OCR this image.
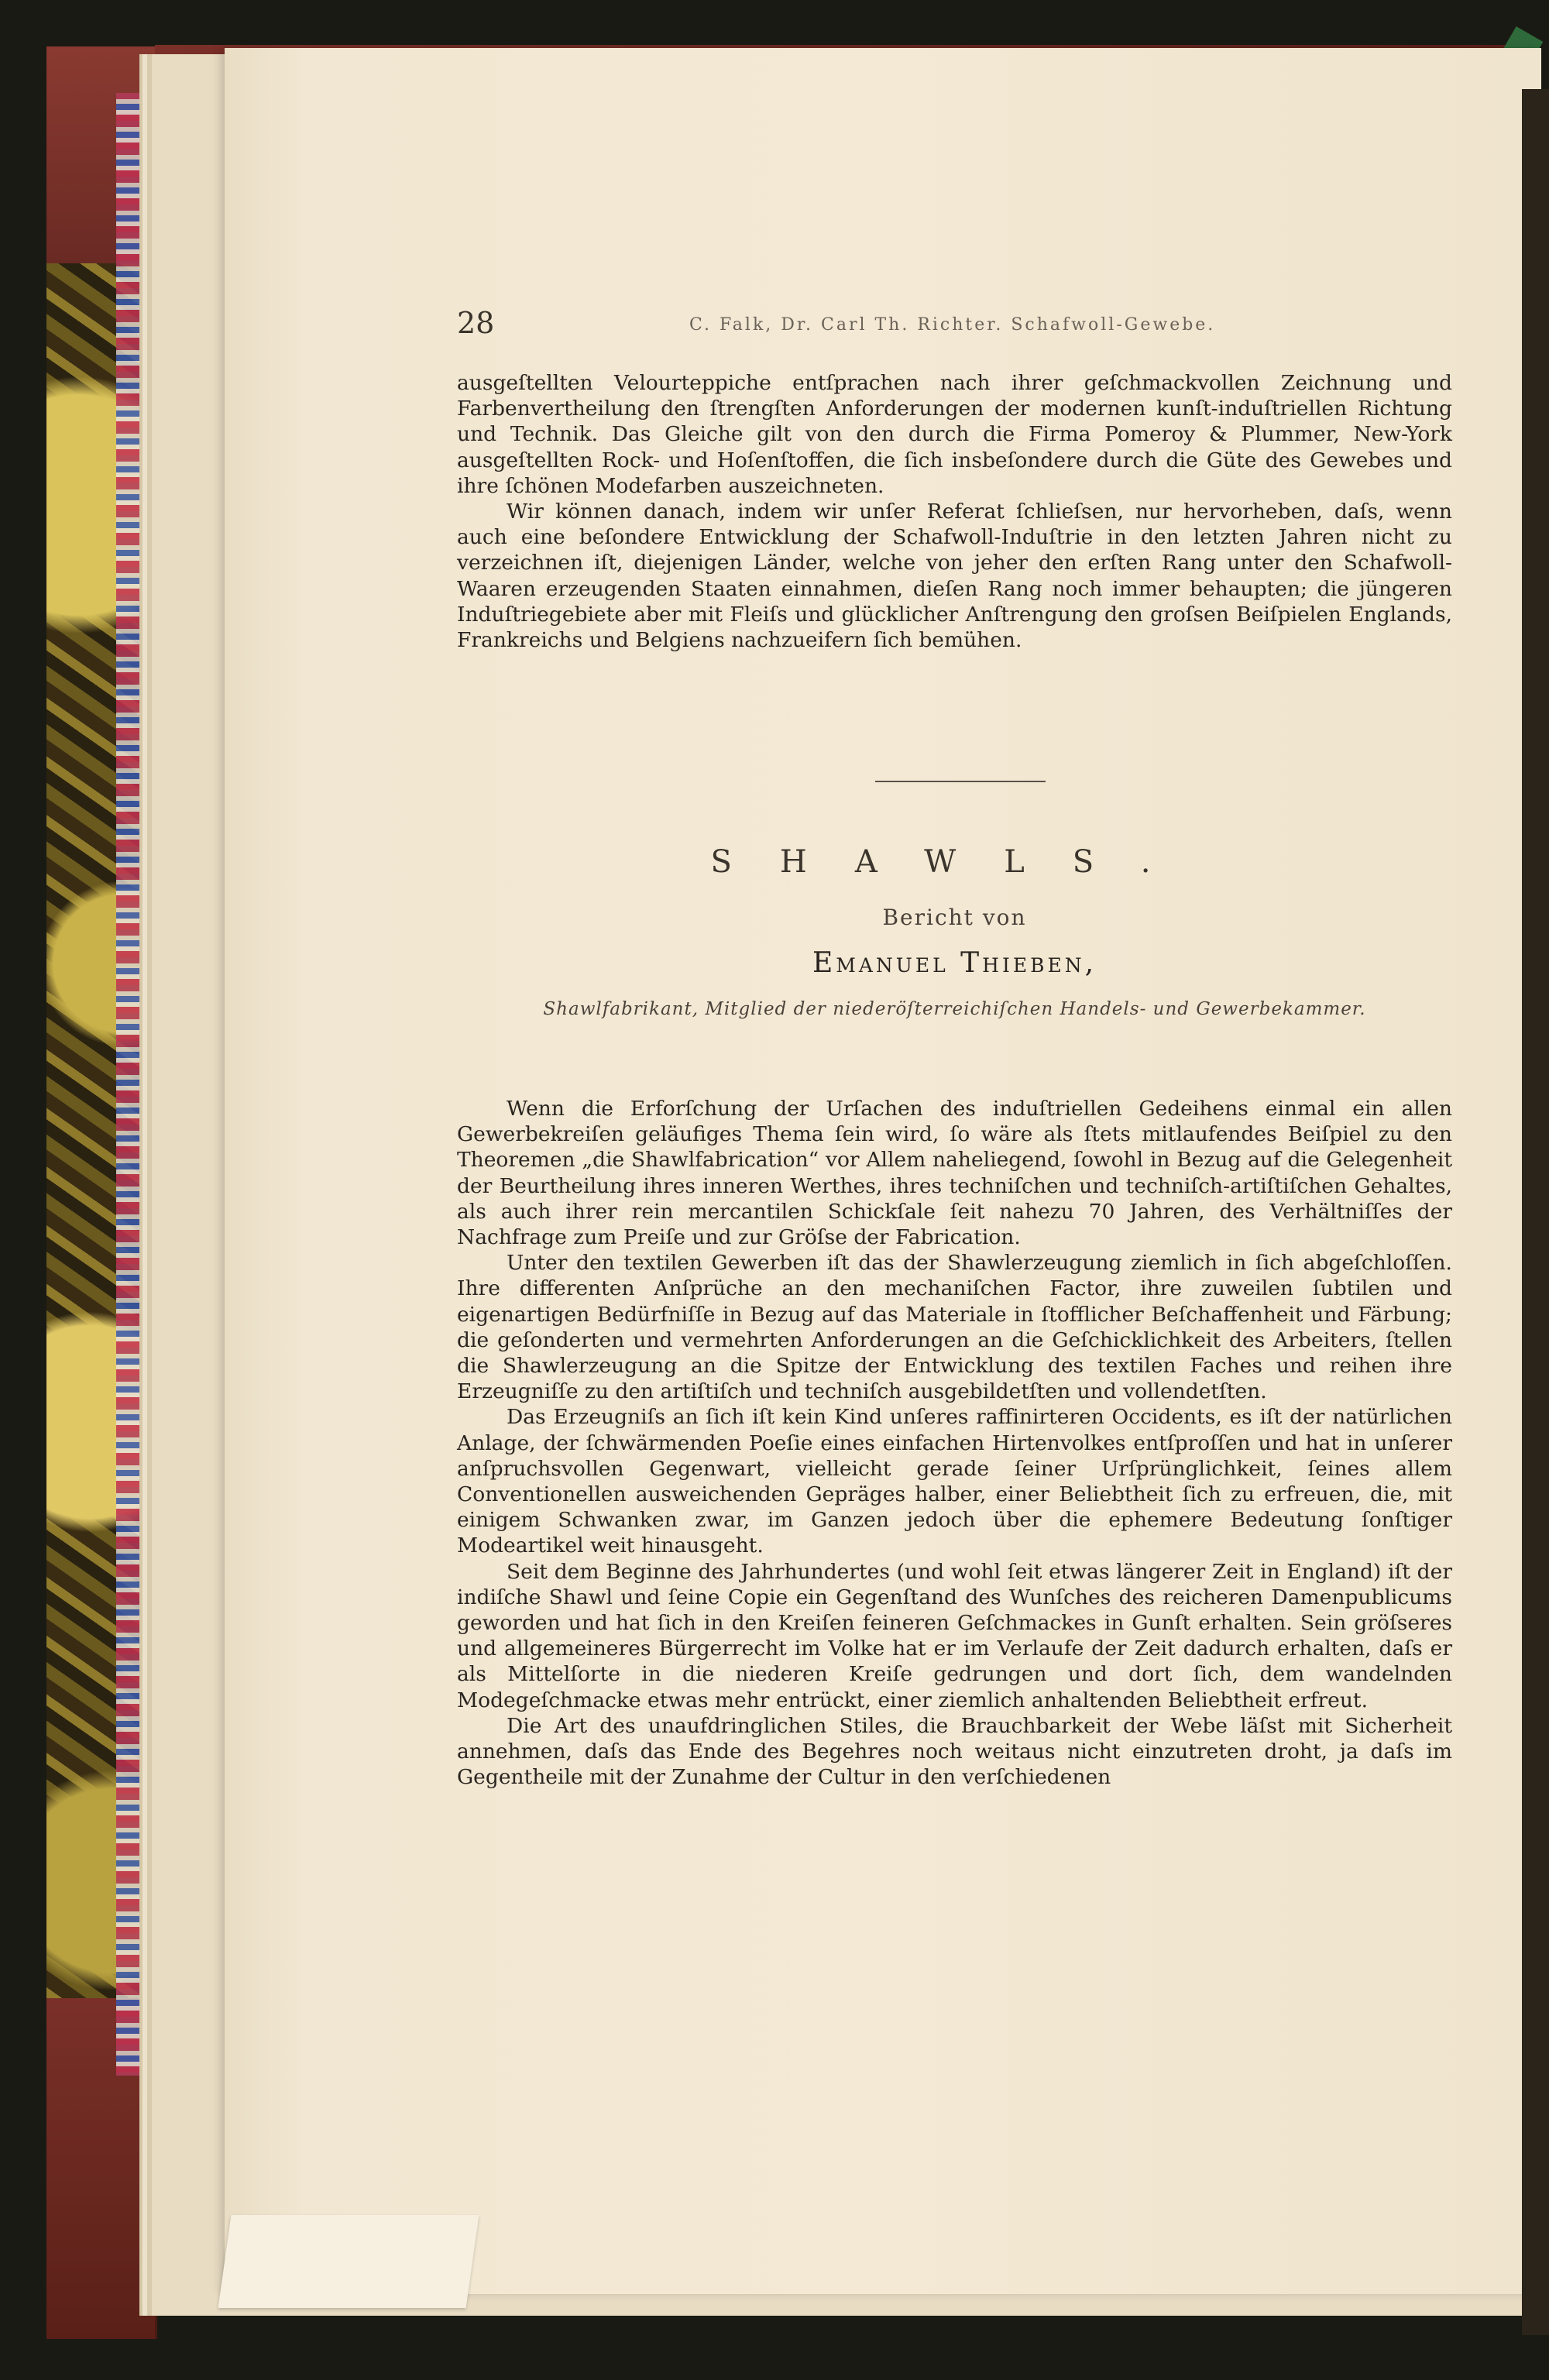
28	C. Falk, Dr. Carl Th. Richter. Schafwoll-Gewebe.

ausgeſtellten Velourteppiche entſprachen nach ihrer geſchmackvollen Zeichnung und Farbenvertheilung den ſtrengſten Anforderungen der modernen kunſt-induſtriellen Richtung und Technik. Das Gleiche gilt von den durch die Firma Pomeroy & Plummer, New-York ausgeſtellten Rock- und Hoſenſtoffen, die ſich insbeſondere durch die Güte des Gewebes und ihre ſchönen Modefarben auszeichneten.

Wir können danach, indem wir unſer Referat ſchlieſsen, nur hervorheben, daſs, wenn auch eine beſondere Entwicklung der Schafwoll-Induſtrie in den letzten Jahren nicht zu verzeichnen iſt, diejenigen Länder, welche von jeher den erſten Rang unter den Schafwoll-Waaren erzeugenden Staaten einnahmen, dieſen Rang noch immer behaupten; die jüngeren Induſtriegebiete aber mit Fleiſs und glücklicher Anſtrengung den groſsen Beiſpielen Englands, Frankreichs und Belgiens nachzueifern ſich bemühen.

SHAWLS.
Bericht von
Emanuel Thieben,
Shawlfabrikant, Mitglied der niederöſterreichiſchen Handels- und Gewerbekammer.

Wenn die Erforſchung der Urſachen des induſtriellen Gedeihens einmal ein allen Gewerbekreiſen geläufiges Thema ſein wird, ſo wäre als ſtets mitlaufendes Beiſpiel zu den Theoremen „die Shawlfabrication“ vor Allem naheliegend, ſowohl in Bezug auf die Gelegenheit der Beurtheilung ihres inneren Werthes, ihres techniſchen und techniſch-artiſtiſchen Gehaltes, als auch ihrer rein mercantilen Schickſale ſeit nahezu 70 Jahren, des Verhältniſſes der Nachfrage zum Preiſe und zur Gröſse der Fabrication.

Unter den textilen Gewerben iſt das der Shawlerzeugung ziemlich in ſich abgeſchloſſen. Ihre differenten Anſprüche an den mechaniſchen Factor, ihre zuweilen ſubtilen und eigenartigen Bedürfniſſe in Bezug auf das Materiale in ſtofflicher Beſchaffenheit und Färbung; die geſonderten und vermehrten Anforderungen an die Geſchicklichkeit des Arbeiters, ſtellen die Shawlerzeugung an die Spitze der Entwicklung des textilen Faches und reihen ihre Erzeugniſſe zu den artiſtiſch und techniſch ausgebildetſten und vollendetſten.

Das Erzeugniſs an ſich iſt kein Kind unſeres raffinirteren Occidents, es iſt der natürlichen Anlage, der ſchwärmenden Poeſie eines einfachen Hirtenvolkes entſproſſen und hat in unſerer anſpruchsvollen Gegenwart, vielleicht gerade ſeiner Urſprünglichkeit, ſeines allem Conventionellen ausweichenden Gepräges halber, einer Beliebtheit ſich zu erfreuen, die, mit einigem Schwanken zwar, im Ganzen jedoch über die ephemere Bedeutung ſonſtiger Modeartikel weit hinausgeht.

Seit dem Beginne des Jahrhundertes (und wohl ſeit etwas längerer Zeit in England) iſt der indiſche Shawl und ſeine Copie ein Gegenſtand des Wunſches des reicheren Damenpublicums geworden und hat ſich in den Kreiſen feineren Geſchmackes in Gunſt erhalten. Sein gröſseres und allgemeineres Bürgerrecht im Volke hat er im Verlaufe der Zeit dadurch erhalten, daſs er als Mittelſorte in die niederen Kreiſe gedrungen und dort ſich, dem wandelnden Modegeſchmacke etwas mehr entrückt, einer ziemlich anhaltenden Beliebtheit erfreut.

Die Art des unaufdringlichen Stiles, die Brauchbarkeit der Webe läſst mit Sicherheit annehmen, daſs das Ende des Begehres noch weitaus nicht einzutreten droht, ja daſs im Gegentheile mit der Zunahme der Cultur in den verſchiedenen
